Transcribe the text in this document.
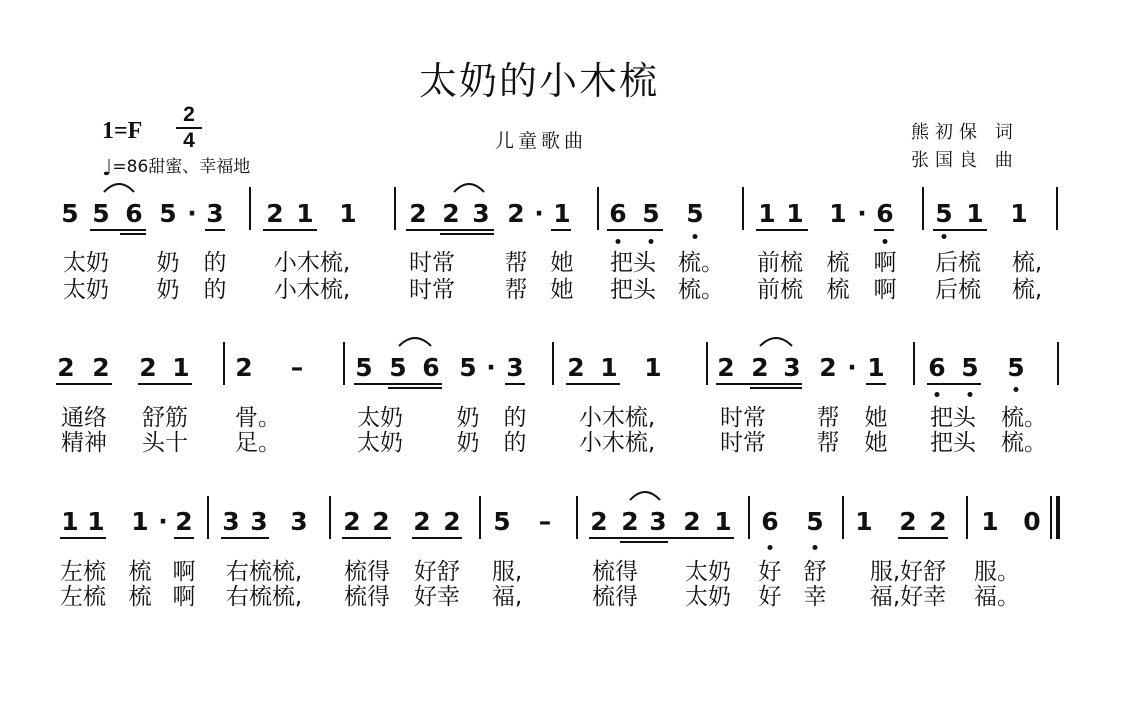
太奶的小木梳
1=F
2
4
♩=86甜蜜、幸福地
儿童歌曲	熊初保 词
张国良 曲
5 5 6 5 · 3 2 1 1 2 2 3 2 · 1 6 5 5 1 1 1 · 6 5 1 1
太奶 奶 的 小木梳,	时常 帮 她 把头 梳。 前梳 梳 啊 后梳 梳,
太奶 奶 的 小木梳,	时常 帮 她 把头 梳。 前梳 梳 啊 后梳 梳,
2 2 2 1 2 – 5 5 6 5 · 3 2 1 1 2 2 3 2 · 1 6 5 5
通络 舒筋 骨。	太奶 奶 的 小木梳,	时常 帮 她 把头 梳。
精神 头十 足。	太奶 奶 的 小木梳,	时常 帮 她 把头 梳。
1 1 1 · 2 3 3 3 2 2 2 2 5 – 2 2 3 2 1 6 5 1 2 2 1 0
左梳 梳 啊 右梳梳, 梳得 好舒 服,	梳得 太奶 好 舒 服,好舒 服。
左梳 梳 啊 右梳梳, 梳得 好幸 福,	梳得 太奶 好 幸 福,好幸 福。
